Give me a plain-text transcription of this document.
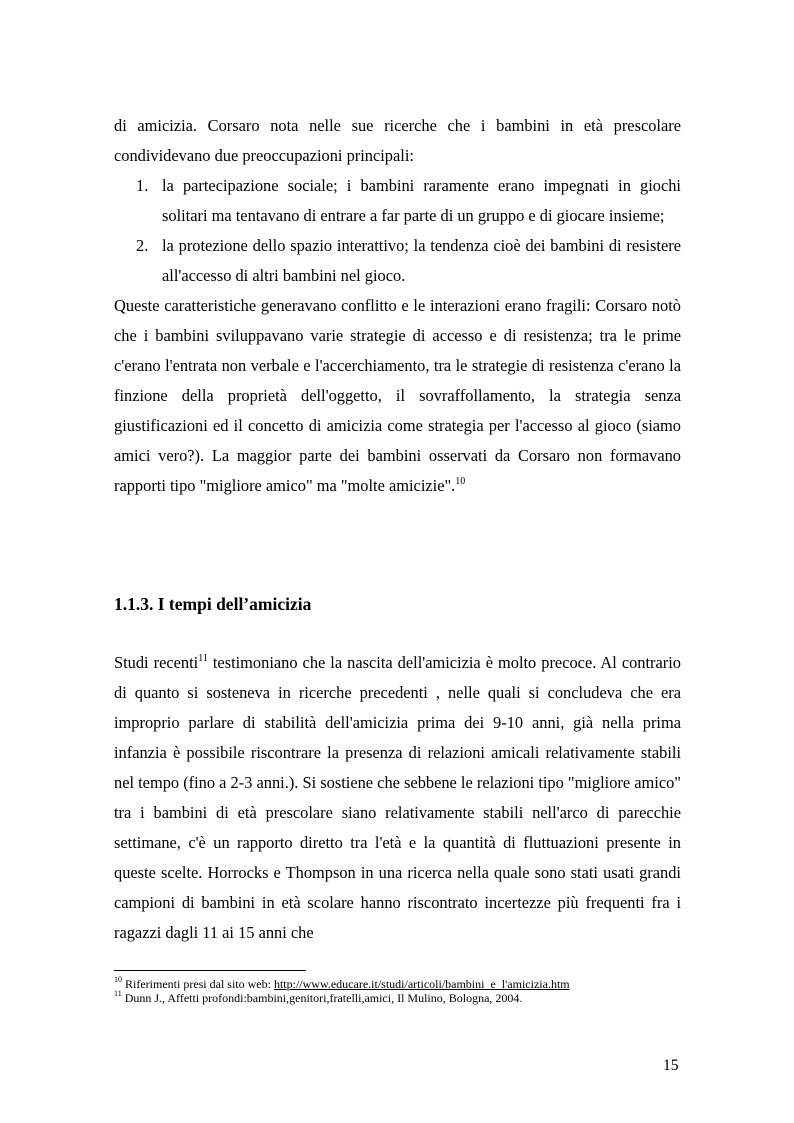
di amicizia. Corsaro nota nelle sue ricerche che i bambini in età prescolare condividevano due preoccupazioni principali:

1. la partecipazione sociale; i bambini raramente erano impegnati in giochi solitari ma tentavano di entrare a far parte di un gruppo e di giocare insieme;
2. la protezione dello spazio interattivo; la tendenza cioè dei bambini di resistere all'accesso di altri bambini nel gioco.

Queste caratteristiche generavano conflitto e le interazioni erano fragili: Corsaro notò che i bambini sviluppavano varie strategie di accesso e di resistenza; tra le prime c'erano l'entrata non verbale e l'accerchiamento, tra le strategie di resistenza c'erano la finzione della proprietà dell'oggetto, il sovraffollamento, la strategia senza giustificazioni ed il concetto di amicizia come strategia per l'accesso al gioco (siamo amici vero?). La maggior parte dei bambini osservati da Corsaro non formavano rapporti tipo "migliore amico" ma "molte amicizie".$^{10}$

1.1.3. I tempi dell’amicizia

Studi recenti$^{11}$ testimoniano che la nascita dell'amicizia è molto precoce. Al contrario di quanto si sosteneva in ricerche precedenti , nelle quali si concludeva che era improprio parlare di stabilità dell'amicizia prima dei 9-10 anni, già nella prima infanzia è possibile riscontrare la presenza di relazioni amicali relativamente stabili nel tempo (fino a 2-3 anni.). Si sostiene che sebbene le relazioni tipo "migliore amico" tra i bambini di età prescolare siano relativamente stabili nell'arco di parecchie settimane, c'è un rapporto diretto tra l'età e la quantità di fluttuazioni presente in queste scelte. Horrocks e Thompson in una ricerca nella quale sono stati usati grandi campioni di bambini in età scolare hanno riscontrato incertezze più frequenti fra i ragazzi dagli 11 ai 15 anni che

$^{10}$ Riferimenti presi dal sito web: http://www.educare.it/studi/articoli/bambini_e_l'amicizia.htm
$^{11}$ Dunn J., Affetti profondi:bambini,genitori,fratelli,amici, Il Mulino, Bologna, 2004.
15
